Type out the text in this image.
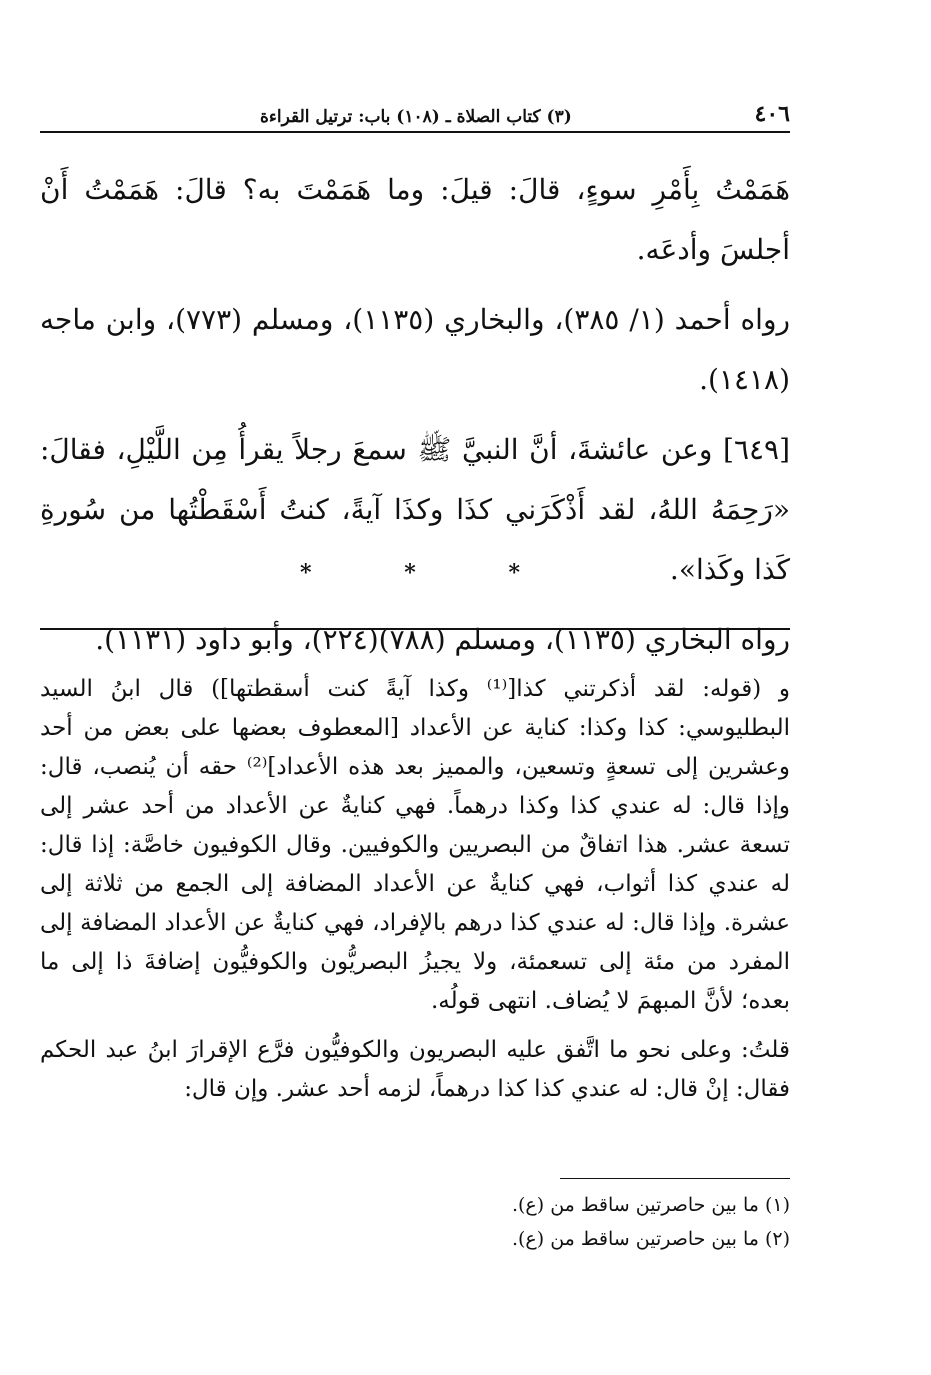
٤٠٦
(٣) كتاب الصلاة ـ (١٠٨) باب: ترتيل القراءة

هَمَمْتُ بِأَمْرِ سوءٍ، قالَ: قيلَ: وما هَمَمْتَ به؟ قالَ: هَمَمْتُ أَنْ أجلسَ وأدعَه.

رواه أحمد (١/ ٣٨٥)، والبخاري (١١٣٥)، ومسلم (٧٧٣)، وابن ماجه (١٤١٨).

[٦٤٩] وعن عائشةَ، أنَّ النبيَّ ﷺ سمعَ رجلاً يقرأُ مِن اللَّيْلِ، فقالَ: «رَحِمَهُ اللهُ، لقد أَذْكَرَني كذَا وكذَا آيةً، كنتُ أَسْقَطْتُها من سُورةِ كَذا وكَذا».

رواه البخاري (١١٣٥)، ومسلم (٧٨٨)(٢٢٤)، وأبو داود (١١٣١).

*
*
*

و (قوله: لقد أذكرتني كذا[⁽¹⁾ وكذا آيةً كنت أسقطتها]) قال ابنُ السيد البطليوسي: كذا وكذا: كناية عن الأعداد [المعطوف بعضها على بعض من أحد وعشرين إلى تسعةٍ وتسعين، والمميز بعد هذه الأعداد]⁽²⁾ حقه أن يُنصب، قال: وإذا قال: له عندي كذا وكذا درهماً. فهي كنايةٌ عن الأعداد من أحد عشر إلى تسعة عشر. هذا اتفاقٌ من البصريين والكوفيين. وقال الكوفيون خاصَّة: إذا قال: له عندي كذا أثواب، فهي كنايةٌ عن الأعداد المضافة إلى الجمع من ثلاثة إلى عشرة. وإذا قال: له عندي كذا درهم بالإفراد، فهي كنايةٌ عن الأعداد المضافة إلى المفرد من مئة إلى تسعمئة، ولا يجيزُ البصريُّون والكوفيُّون إضافةَ ذا إلى ما بعده؛ لأنَّ المبهمَ لا يُضاف. انتهى قولُه.

قلتُ: وعلى نحو ما اتَّفق عليه البصريون والكوفيُّون فرَّع الإقرارَ ابنُ عبد الحكم فقال: إنْ قال: له عندي كذا كذا درهماً، لزمه أحد عشر. وإن قال:

(١) ما بين حاصرتين ساقط من (ع).
(٢) ما بين حاصرتين ساقط من (ع).
